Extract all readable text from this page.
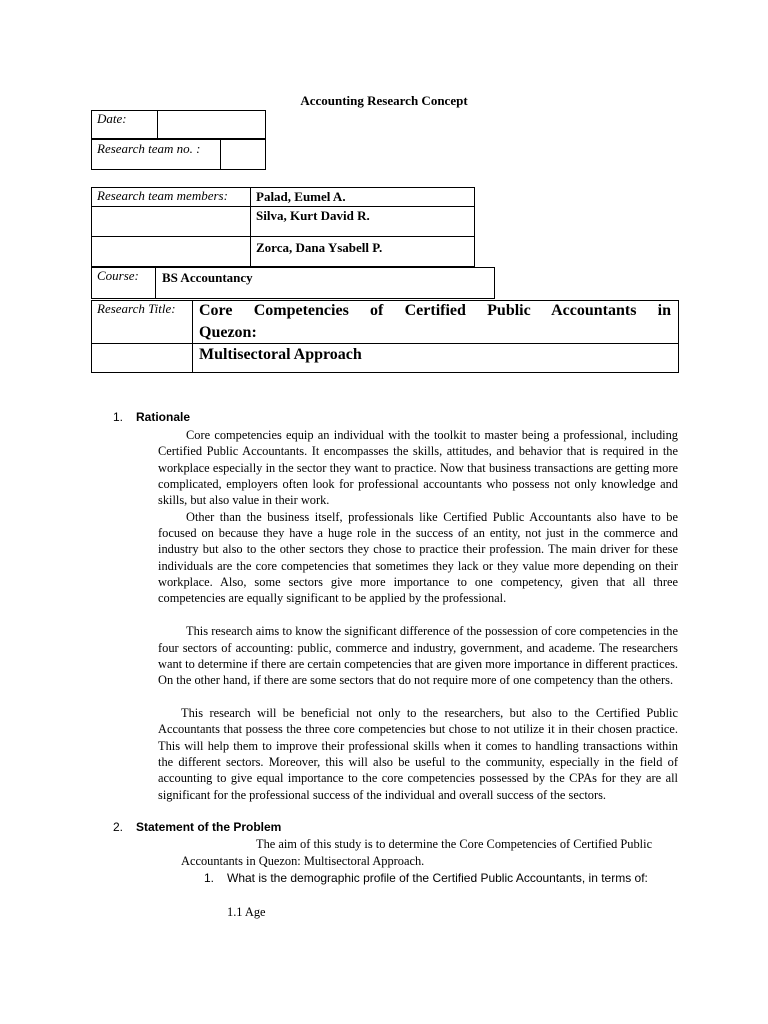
Accounting Research Concept
Date:
Research team no. :
Research team members: Palad, Eumel A.
Silva, Kurt David R.
Zorca, Dana Ysabell P.
Course: BS Accountancy
Research Title: Core Competencies of Certified Public Accountants in
Quezon:
Multisectoral Approach
1. Rationale

Core competencies equip an individual with the toolkit to master being a professional, including Certified Public Accountants. It encompasses the skills, attitudes, and behavior that is required in the workplace especially in the sector they want to practice. Now that business transactions are getting more complicated, employers often look for professional accountants who possess not only knowledge and skills, but also value in their work.

Other than the business itself, professionals like Certified Public Accountants also have to be focused on because they have a huge role in the success of an entity, not just in the commerce and industry but also to the other sectors they chose to practice their profession. The main driver for these individuals are the core competencies that sometimes they lack or they value more depending on their workplace. Also, some sectors give more importance to one competency, given that all three competencies are equally significant to be applied by the professional.

This research aims to know the significant difference of the possession of core competencies in the four sectors of accounting: public, commerce and industry, government, and academe. The researchers want to determine if there are certain competencies that are given more importance in different practices. On the other hand, if there are some sectors that do not require more of one competency than the others.

This research will be beneficial not only to the researchers, but also to the Certified Public Accountants that possess the three core competencies but chose to not utilize it in their chosen practice. This will help them to improve their professional skills when it comes to handling transactions within the different sectors. Moreover, this will also be useful to the community, especially in the field of accounting to give equal importance to the core competencies possessed by the CPAs for they are all significant for the professional success of the individual and overall success of the sectors.

2. Statement of the Problem
The aim of this study is to determine the Core Competencies of Certified Public
Accountants in Quezon: Multisectoral Approach.
1. What is the demographic profile of the Certified Public Accountants, in terms of:
1.1 Age
